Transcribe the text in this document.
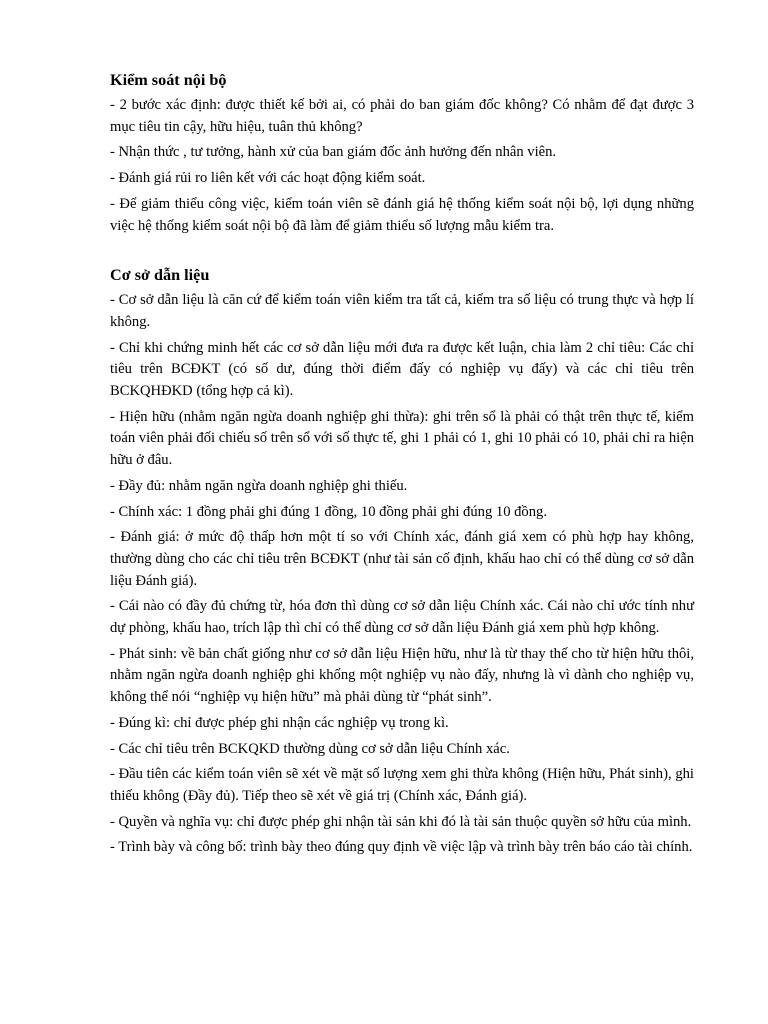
Kiểm soát nội bộ

- 2 bước xác định: được thiết kế bởi ai, có phải do ban giám đốc không? Có nhằm để đạt được 3 mục tiêu tin cậy, hữu hiệu, tuân thủ không?

- Nhận thức , tư tưởng, hành xử của ban giám đốc ảnh hưởng đến nhân viên.

- Đánh giá rủi ro liên kết với các hoạt động kiểm soát.

- Để giảm thiểu công việc, kiểm toán viên sẽ đánh giá hệ thống kiểm soát nội bộ, lợi dụng những việc hệ thống kiểm soát nội bộ đã làm để giảm thiểu số lượng mẫu kiểm tra.

Cơ sở dẫn liệu

- Cơ sở dẫn liệu là căn cứ để kiểm toán viên kiểm tra tất cả, kiểm tra số liệu có trung thực và hợp lí không.

- Chỉ khi chứng minh hết các cơ sở dẫn liệu mới đưa ra được kết luận, chia làm 2 chỉ tiêu: Các chỉ tiêu trên BCĐKT (có số dư, đúng thời điểm đấy có nghiệp vụ đấy) và các chỉ tiêu trên BCKQHĐKD (tổng hợp cả kì).

- Hiện hữu (nhằm ngăn ngừa doanh nghiệp ghi thừa): ghi trên sổ là phải có thật trên thực tế, kiểm toán viên phải đối chiếu số trên sổ với số thực tế, ghi 1 phải có 1, ghi 10 phải có 10, phải chỉ ra hiện hữu ở đâu.

- Đầy đủ: nhằm ngăn ngừa doanh nghiệp ghi thiếu.

- Chính xác: 1 đồng phải ghi đúng 1 đồng, 10 đồng phải ghi đúng 10 đồng.

- Đánh giá: ở mức độ thấp hơn một tí so với Chính xác, đánh giá xem có phù hợp hay không, thường dùng cho các chỉ tiêu trên BCĐKT (như tài sản cố định, khấu hao chỉ có thể dùng cơ sở dẫn liệu Đánh giá).

- Cái nào có đầy đủ chứng từ, hóa đơn thì dùng cơ sở dẫn liệu Chính xác. Cái nào chỉ ước tính như dự phòng, khấu hao, trích lập thì chỉ có thể dùng cơ sở dẫn liệu Đánh giá xem phù hợp không.

- Phát sinh: về bản chất giống như cơ sở dẫn liệu Hiện hữu, như là từ thay thế cho từ hiện hữu thôi, nhằm ngăn ngừa doanh nghiệp ghi khống một nghiệp vụ nào đấy, nhưng là vì dành cho nghiệp vụ, không thể nói “nghiệp vụ hiện hữu” mà phải dùng từ “phát sinh”.

- Đúng kì: chỉ được phép ghi nhận các nghiệp vụ trong kì.

- Các chỉ tiêu trên BCKQKD thường dùng cơ sở dẫn liệu Chính xác.

- Đầu tiên các kiểm toán viên sẽ xét về mặt số lượng xem ghi thừa không (Hiện hữu, Phát sinh), ghi thiếu không (Đầy đủ). Tiếp theo sẽ xét về giá trị (Chính xác, Đánh giá).

- Quyền và nghĩa vụ: chỉ được phép ghi nhận tài sản khi đó là tài sản thuộc quyền sở hữu của mình.

- Trình bày và công bố: trình bày theo đúng quy định về việc lập và trình bày trên báo cáo tài chính.
